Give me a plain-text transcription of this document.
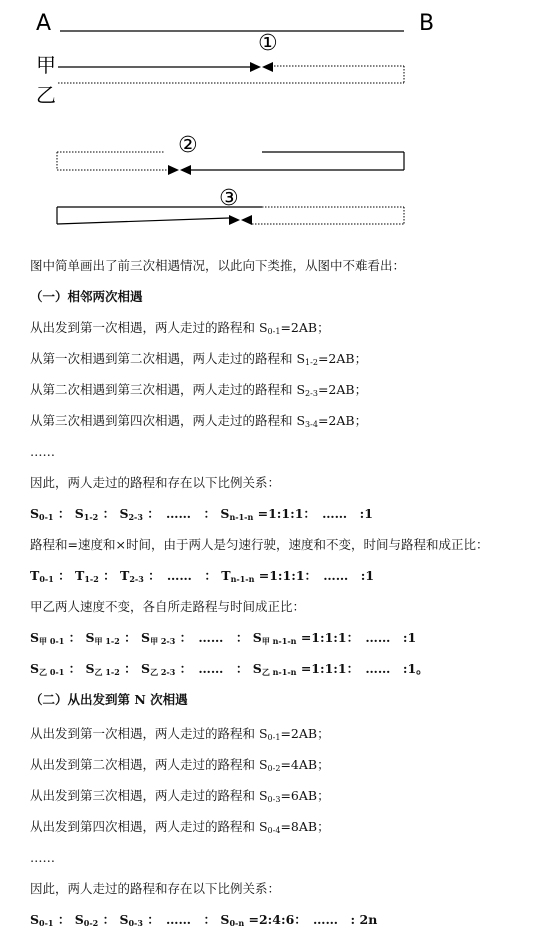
A	B
①
甲
乙
②
③
图中简单画出了前三次相遇情况，以此向下类推，从图中不难看出：
（一）相邻两次相遇
从出发到第一次相遇，两人走过的路程和 $S_{0-1}=2AB$；
从第一次相遇到第二次相遇，两人走过的路程和 $S_{1-2}=2AB$；
从第二次相遇到第三次相遇，两人走过的路程和 $S_{2-3}=2AB$；
从第三次相遇到第四次相遇，两人走过的路程和 $S_{3-4}=2AB$；
……
因此，两人走过的路程和存在以下比例关系：
$S_{0-1}$ ： $S_{1-2}$ ： $S_{2-3}$ ：　……　： $S_{n-1-n}$ =1:1:1：　……　:1
路程和=速度和×时间，由于两人是匀速行驶，速度和不变，时间与路程和成正比：
$T_{0-1}$ ： $T_{1-2}$ ： $T_{2-3}$ ：　……　： $T_{n-1-n}$ =1:1:1：　……　:1
甲乙两人速度不变，各自所走路程与时间成正比：
$S_{甲 0-1}$ ： $S_{甲 1-2}$ ： $S_{甲 2-3}$ ：　……　： $S_{甲 n-1-n}$ =1:1:1：　……　:1
$S_{乙 0-1}$ ： $S_{乙 1-2}$ ： $S_{乙 2-3}$ ：　……　： $S_{乙 n-1-n}$ =1:1:1：　……　:1。
（二）从出发到第 N 次相遇
从出发到第一次相遇，两人走过的路程和 $S_{0-1}=2AB$；
从出发到第二次相遇，两人走过的路程和 $S_{0-2}=4AB$；
从出发到第三次相遇，两人走过的路程和 $S_{0-3}=6AB$；
从出发到第四次相遇，两人走过的路程和 $S_{0-4}=8AB$；
……
因此，两人走过的路程和存在以下比例关系：
$S_{0-1}$ ： $S_{0-2}$ ： $S_{0-3}$ ：　……　： $S_{0-n}$ =2:4:6：　……　: 2n
